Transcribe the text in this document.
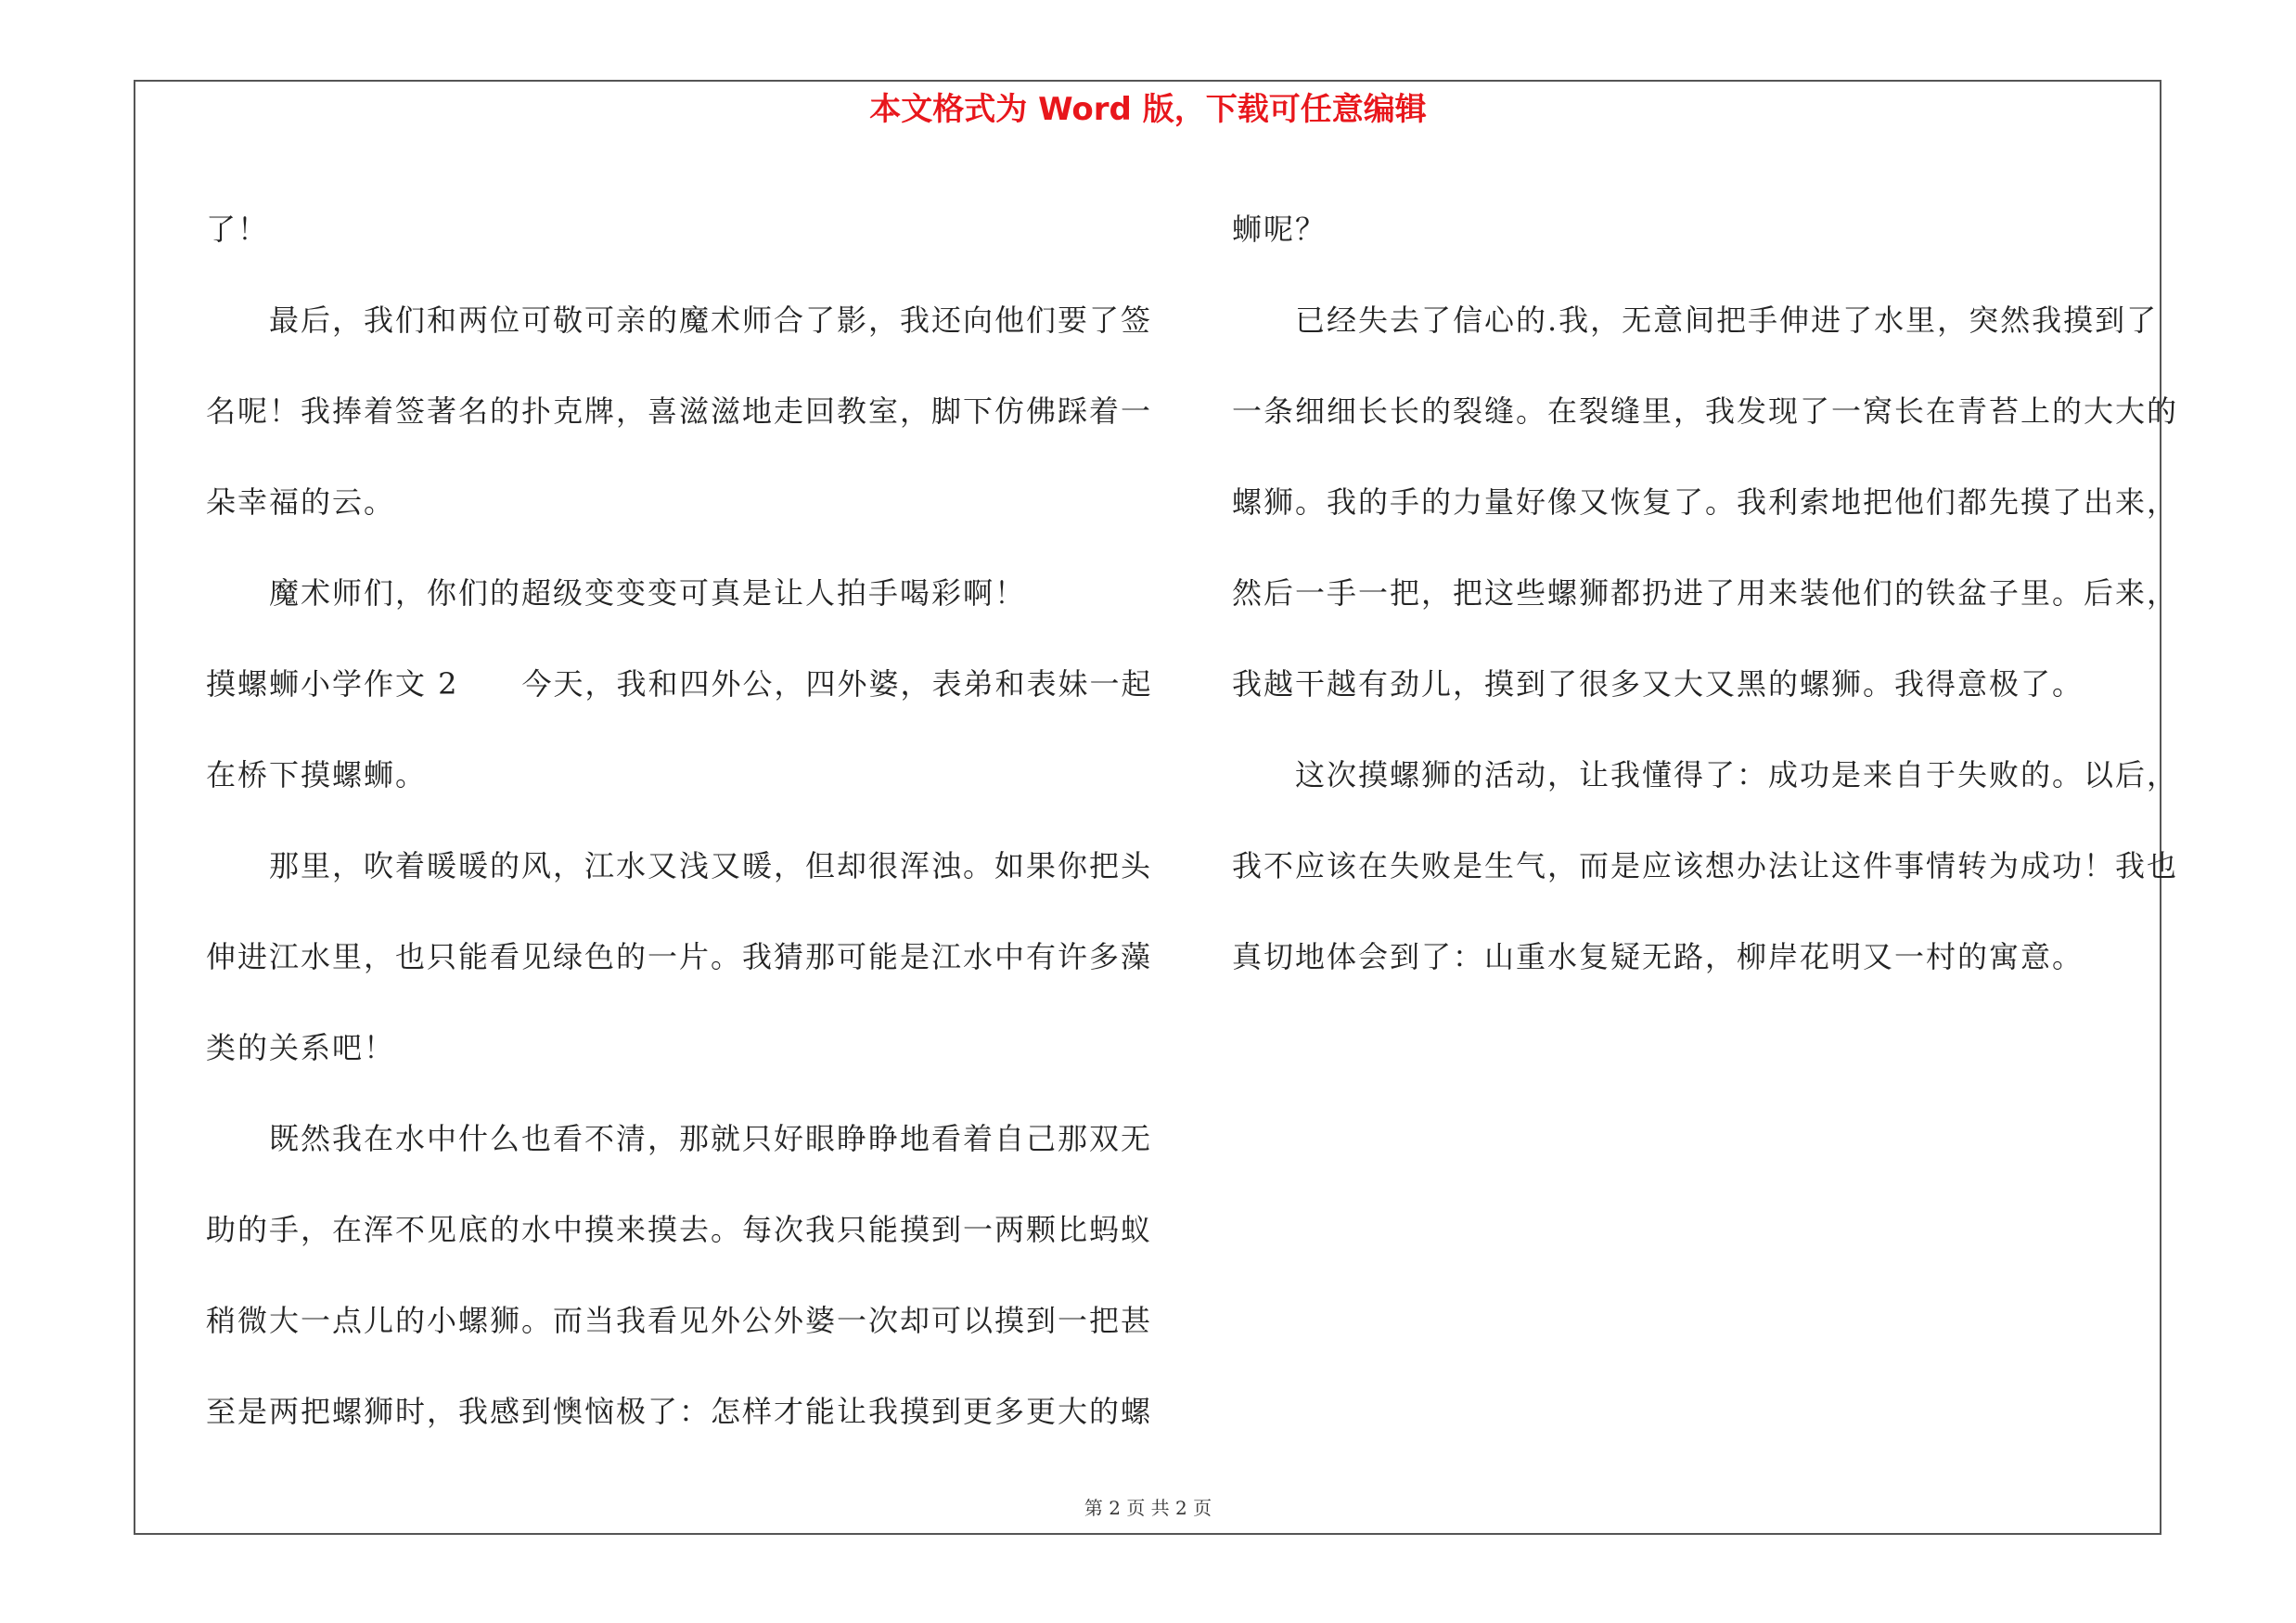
本文格式为 Word 版，下载可任意编辑

了！

　　最后，我们和两位可敬可亲的魔术师合了影，我还向他们要了签

名呢！我捧着签著名的扑克牌，喜滋滋地走回教室，脚下仿佛踩着一

朵幸福的云。

　　魔术师们，你们的超级变变变可真是让人拍手喝彩啊！

摸螺蛳小学作文 2　　今天，我和四外公，四外婆，表弟和表妹一起

在桥下摸螺蛳。

　　那里，吹着暖暖的风，江水又浅又暖，但却很浑浊。如果你把头

伸进江水里，也只能看见绿色的一片。我猜那可能是江水中有许多藻

类的关系吧！

　　既然我在水中什么也看不清，那就只好眼睁睁地看着自己那双无

助的手，在浑不见底的水中摸来摸去。每次我只能摸到一两颗比蚂蚁

稍微大一点儿的小螺狮。而当我看见外公外婆一次却可以摸到一把甚

至是两把螺狮时，我感到懊恼极了：怎样才能让我摸到更多更大的螺

蛳呢？

　　已经失去了信心的.我，无意间把手伸进了水里，突然我摸到了

一条细细长长的裂缝。在裂缝里，我发现了一窝长在青苔上的大大的

螺狮。我的手的力量好像又恢复了。我利索地把他们都先摸了出来，

然后一手一把，把这些螺狮都扔进了用来装他们的铁盆子里。后来，

我越干越有劲儿，摸到了很多又大又黑的螺狮。我得意极了。

　　这次摸螺狮的活动，让我懂得了：成功是来自于失败的。以后，

我不应该在失败是生气，而是应该想办法让这件事情转为成功！我也

真切地体会到了：山重水复疑无路，柳岸花明又一村的寓意。

第 2 页 共 2 页
